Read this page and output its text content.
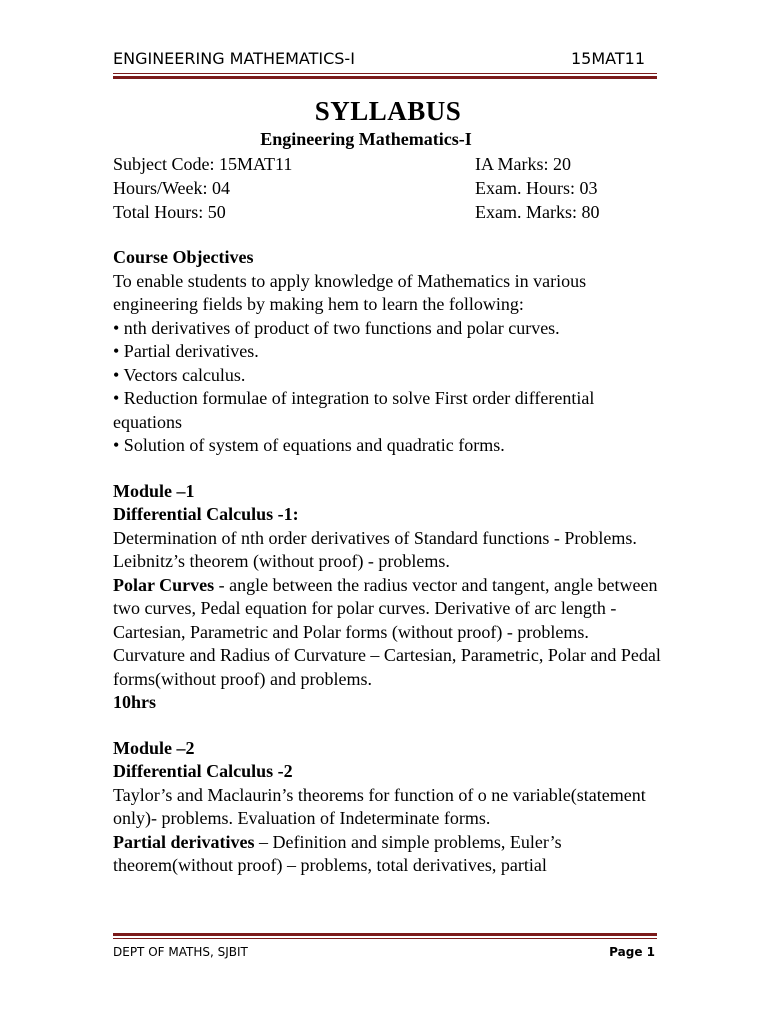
ENGINEERING MATHEMATICS-I	15MAT11
SYLLABUS
Engineering Mathematics-I
Subject Code: 15MAT11	IA Marks: 20
Hours/Week: 04	Exam. Hours: 03
Total Hours: 50	Exam. Marks: 80
Course Objectives

To enable students to apply knowledge of Mathematics in various engineering fields by making hem to learn the following:

• nth derivatives of product of two functions and polar curves.

• Partial derivatives.

• Vectors calculus.

• Reduction formulae of integration to solve First order differential equations

• Solution of system of equations and quadratic forms.

Module –1
Differential Calculus -1:

Determination of nth order derivatives of Standard functions - Problems. Leibnitz’s theorem (without proof) - problems.

Polar Curves - angle between the radius vector and tangent, angle between two curves, Pedal equation for polar curves. Derivative of arc length - Cartesian, Parametric and Polar forms (without proof) - problems. Curvature and Radius of Curvature – Cartesian, Parametric, Polar and Pedal forms(without proof) and problems.

10hrs
Module –2
Differential Calculus -2

Taylor’s and Maclaurin’s theorems for function of o ne variable(statement only)- problems. Evaluation of Indeterminate forms.

Partial derivatives – Definition and simple problems, Euler’s theorem(without proof) – problems, total derivatives, partial

DEPT OF MATHS, SJBIT	Page 1
